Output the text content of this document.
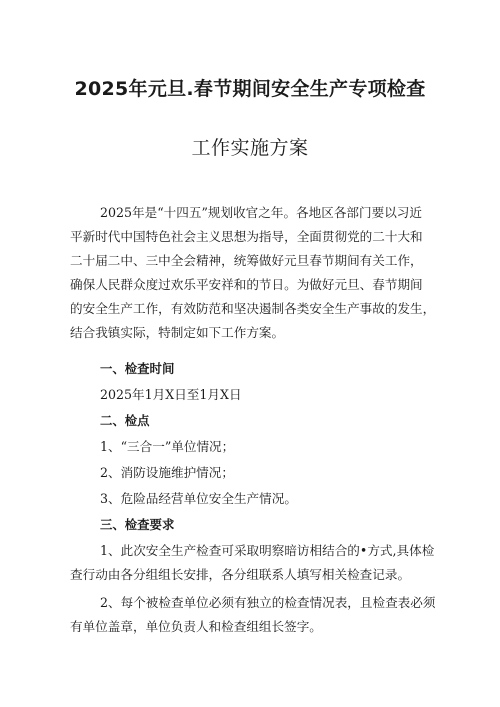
2025年元旦.春节期间安全生产专项检查
工作实施方案
2025年是“十四五”规划收官之年。各地区各部门要以习近
平新时代中国特色社会主义思想为指导，全面贯彻党的二十大和
二十届二中、三中全会精神，统筹做好元旦春节期间有关工作，
确保人民群众度过欢乐平安祥和的节日。为做好元旦、春节期间
的安全生产工作，有效防范和坚决遏制各类安全生产事故的发生，
结合我镇实际，特制定如下工作方案。
一、检查时间
2025年1月X日至1月X日
二、检点
1、“三合一”单位情况；
2、消防设施维护情况；
3、危险品经营单位安全生产情况。
三、检查要求
1、此次安全生产检查可采取明察暗访相结合的•方式,具体检
查行动由各分组组长安排，各分组联系人填写相关检查记录。
2、每个被检查单位必须有独立的检查情况表，且检查表必须
有单位盖章，单位负责人和检查组组长签字。
